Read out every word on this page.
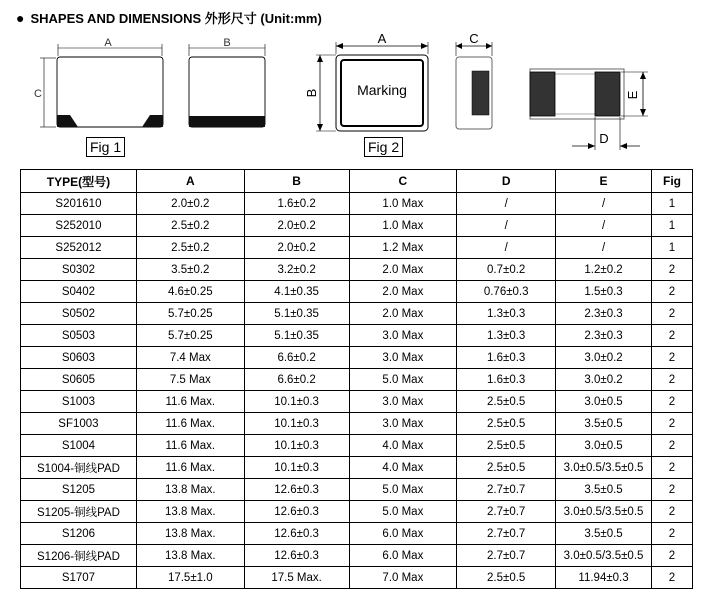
● SHAPES AND DIMENSIONS 外形尺寸 (Unit:mm)
A
C
B	A
B	Marking
C
E
D
Fig 1	Fig 2
TYPE(型号)	A	B	C	D	E	Fig
S201610	2.0±0.2	1.6±0.2	1.0 Max	/	/	1
S252010	2.5±0.2	2.0±0.2	1.0 Max	/	/	1
S252012	2.5±0.2	2.0±0.2	1.2 Max	/	/	1
S0302	3.5±0.2	3.2±0.2	2.0 Max	0.7±0.2	1.2±0.2	2
S0402	4.6±0.25	4.1±0.35	2.0 Max	0.76±0.3	1.5±0.3	2
S0502	5.7±0.25	5.1±0.35	2.0 Max	1.3±0.3	2.3±0.3	2
S0503	5.7±0.25	5.1±0.35	3.0 Max	1.3±0.3	2.3±0.3	2
S0603	7.4 Max	6.6±0.2	3.0 Max	1.6±0.3	3.0±0.2	2
S0605	7.5 Max	6.6±0.2	5.0 Max	1.6±0.3	3.0±0.2	2
S1003	11.6 Max.	10.1±0.3	3.0 Max	2.5±0.5	3.0±0.5	2
SF1003	11.6 Max.	10.1±0.3	3.0 Max	2.5±0.5	3.5±0.5	2
S1004	11.6 Max.	10.1±0.3	4.0 Max	2.5±0.5	3.0±0.5	2
S1004-铜线PAD	11.6 Max.	10.1±0.3	4.0 Max	2.5±0.5	3.0±0.5/3.5±0.5	2
S1205	13.8 Max.	12.6±0.3	5.0 Max	2.7±0.7	3.5±0.5	2
S1205-铜线PAD	13.8 Max.	12.6±0.3	5.0 Max	2.7±0.7	3.0±0.5/3.5±0.5	2
S1206	13.8 Max.	12.6±0.3	6.0 Max	2.7±0.7	3.5±0.5	2
S1206-铜线PAD	13.8 Max.	12.6±0.3	6.0 Max	2.7±0.7	3.0±0.5/3.5±0.5	2
S1707	17.5±1.0	17.5 Max.	7.0 Max	2.5±0.5	11.94±0.3	2
